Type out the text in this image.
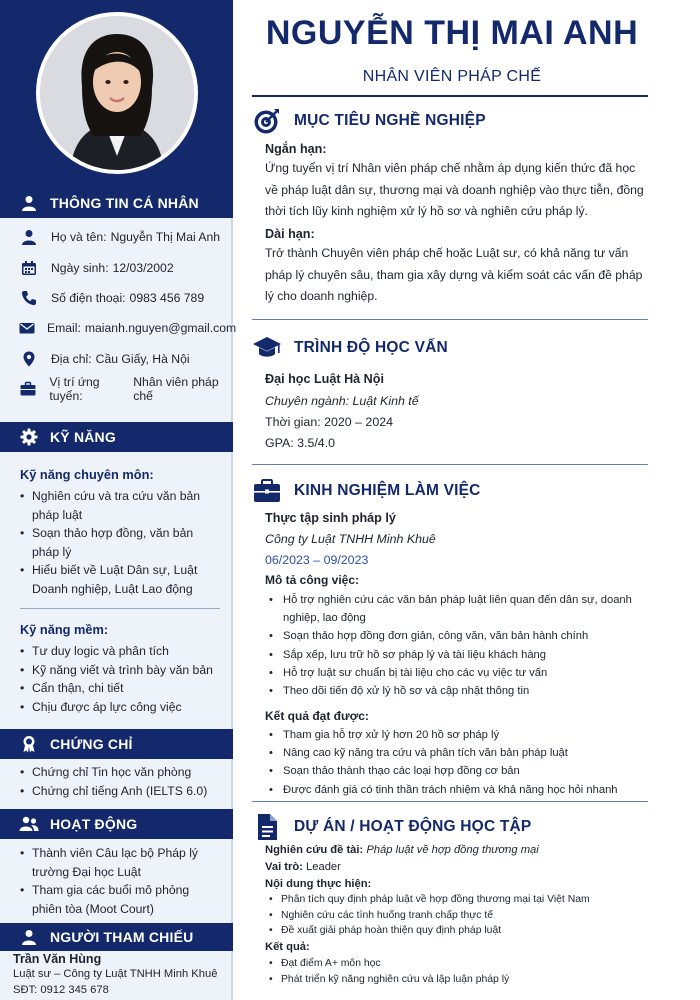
THÔNG TIN CÁ NHÂN
Họ và tên: Nguyễn Thị Mai Anh
Ngày sinh: 12/03/2002
Số điện thoại: 0983 456 789
Email: maianh.nguyen@gmail.com
Địa chỉ: Cầu Giấy, Hà Nội
Vị trí ứng tuyển:
Nhân viên pháp chế
KỸ NĂNG
Kỹ năng chuyên môn:
• Nghiên cứu và tra cứu văn bản pháp luật
• Soạn thảo hợp đồng, văn bản pháp lý
• Hiểu biết về Luật Dân sự, Luật Doanh nghiệp, Luật Lao động
Kỹ năng mềm:
• Tư duy logic và phân tích
• Kỹ năng viết và trình bày văn bản
• Cẩn thận, chi tiết
• Chịu được áp lực công việc
CHỨNG CHỈ
• Chứng chỉ Tin học văn phòng
• Chứng chỉ tiếng Anh (IELTS 6.0)
HOẠT ĐỘNG
• Thành viên Câu lạc bộ Pháp lý trường Đại học Luật
• Tham gia các buổi mô phỏng phiên tòa (Moot Court)
NGƯỜI THAM CHIẾU
Trần Văn Hùng
Luật sư – Công ty Luật TNHH Minh Khuê
SĐT: 0912 345 678
NGUYỄN THỊ MAI ANH
NHÂN VIÊN PHÁP CHẾ
MỤC TIÊU NGHỀ NGHIỆP
Ngắn hạn:
Ứng tuyển vị trí Nhân viên pháp chế nhằm áp dụng kiến thức đã học về pháp luật dân sự, thương mại và doanh nghiệp vào thực tiễn, đồng thời tích lũy kinh nghiệm xử lý hồ sơ và nghiên cứu pháp lý.
Dài hạn:
Trở thành Chuyên viên pháp chế hoặc Luật sư, có khả năng tư vấn pháp lý chuyên sâu, tham gia xây dựng và kiểm soát các vấn đề pháp lý cho doanh nghiệp.
TRÌNH ĐỘ HỌC VẤN
Đại học Luật Hà Nội
Chuyên ngành: Luật Kinh tế
Thời gian: 2020 – 2024
GPA: 3.5/4.0
KINH NGHIỆM LÀM VIỆC
Thực tập sinh pháp lý
Công ty Luật TNHH Minh Khuê
06/2023 – 09/2023
Mô tả công việc:
• Hỗ trợ nghiên cứu các văn bản pháp luật liên quan đến dân sự, doanh nghiệp, lao động
• Soạn thảo hợp đồng đơn giản, công văn, văn bản hành chính
• Sắp xếp, lưu trữ hồ sơ pháp lý và tài liệu khách hàng
• Hỗ trợ luật sư chuẩn bị tài liệu cho các vụ việc tư vấn
• Theo dõi tiến độ xử lý hồ sơ và cập nhật thông tin
Kết quả đạt được:
• Tham gia hỗ trợ xử lý hơn 20 hồ sơ pháp lý
• Nâng cao kỹ năng tra cứu và phân tích văn bản pháp luật
• Soạn thảo thành thạo các loại hợp đồng cơ bản
• Được đánh giá có tinh thần trách nhiệm và khả năng học hỏi nhanh
DỰ ÁN / HOẠT ĐỘNG HỌC TẬP
Nghiên cứu đề tài: Pháp luật về hợp đồng thương mại
Vai trò: Leader
Nội dung thực hiện:
• Phân tích quy định pháp luật về hợp đồng thương mại tại Việt Nam
• Nghiên cứu các tình huống tranh chấp thực tế
• Đề xuất giải pháp hoàn thiện quy định pháp luật
Kết quả:
• Đạt điểm A+ môn học
• Phát triển kỹ năng nghiên cứu và lập luận pháp lý
